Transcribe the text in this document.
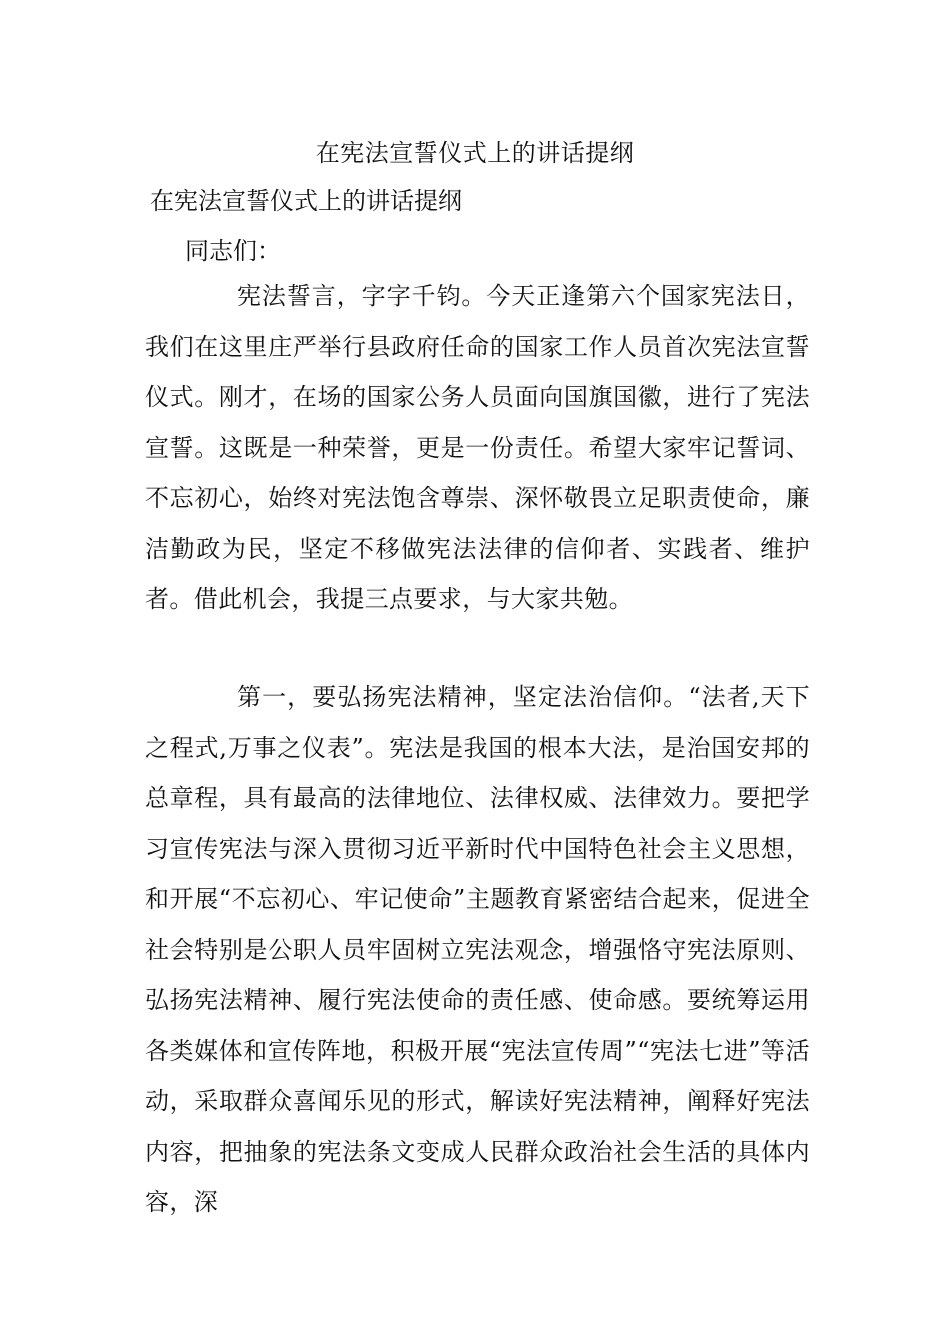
在宪法宣誓仪式上的讲话提纲
在宪法宣誓仪式上的讲话提纲

同志们：

宪法誓言，字字千钧。今天正逢第六个国家宪法日，我们在这里庄严举行县政府任命的国家工作人员首次宪法宣誓仪式。刚才，在场的国家公务人员面向国旗国徽，进行了宪法宣誓。这既是一种荣誉，更是一份责任。希望大家牢记誓词、不忘初心，始终对宪法饱含尊崇、深怀敬畏立足职责使命，廉洁勤政为民，坚定不移做宪法法律的信仰者、实践者、维护者。借此机会，我提三点要求，与大家共勉。

第一，要弘扬宪法精神，坚定法治信仰。“法者,天下之程式,万事之仪表”。宪法是我国的根本大法，是治国安邦的总章程，具有最高的法律地位、法律权威、法律效力。要把学习宣传宪法与深入贯彻习近平新时代中国特色社会主义思想，和开展“不忘初心、牢记使命”主题教育紧密结合起来，促进全社会特别是公职人员牢固树立宪法观念，增强恪守宪法原则、弘扬宪法精神、履行宪法使命的责任感、使命感。要统筹运用各类媒体和宣传阵地，积极开展“宪法宣传周”“宪法七进”等活动，采取群众喜闻乐见的形式，解读好宪法精神，阐释好宪法内容，把抽象的宪法条文变成人民群众政治社会生活的具体内容，深
